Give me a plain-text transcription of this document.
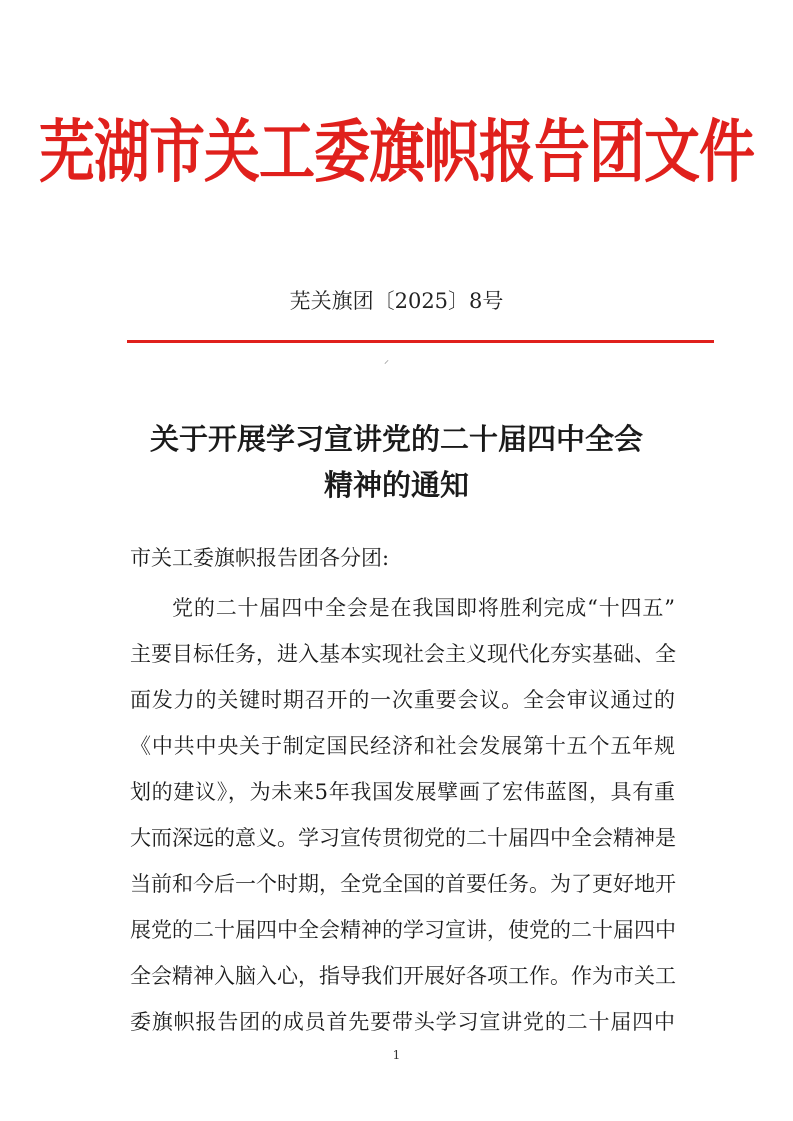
芜湖市关工委旗帜报告团文件
芜关旗团〔2025〕8号
⸝
关于开展学习宣讲党的二十届四中全会
精神的通知
市关工委旗帜报告团各分团:
党的二十届四中全会是在我国即将胜利完成“十四五”
主要目标任务，进入基本实现社会主义现代化夯实基础、全
面发力的关键时期召开的一次重要会议。全会审议通过的
《中共中央关于制定国民经济和社会发展第十五个五年规
划的建议》，为未来5年我国发展擘画了宏伟蓝图，具有重
大而深远的意义。学习宣传贯彻党的二十届四中全会精神是
当前和今后一个时期，全党全国的首要任务。为了更好地开
展党的二十届四中全会精神的学习宣讲，使党的二十届四中
全会精神入脑入心，指导我们开展好各项工作。作为市关工
委旗帜报告团的成员首先要带头学习宣讲党的二十届四中
1
